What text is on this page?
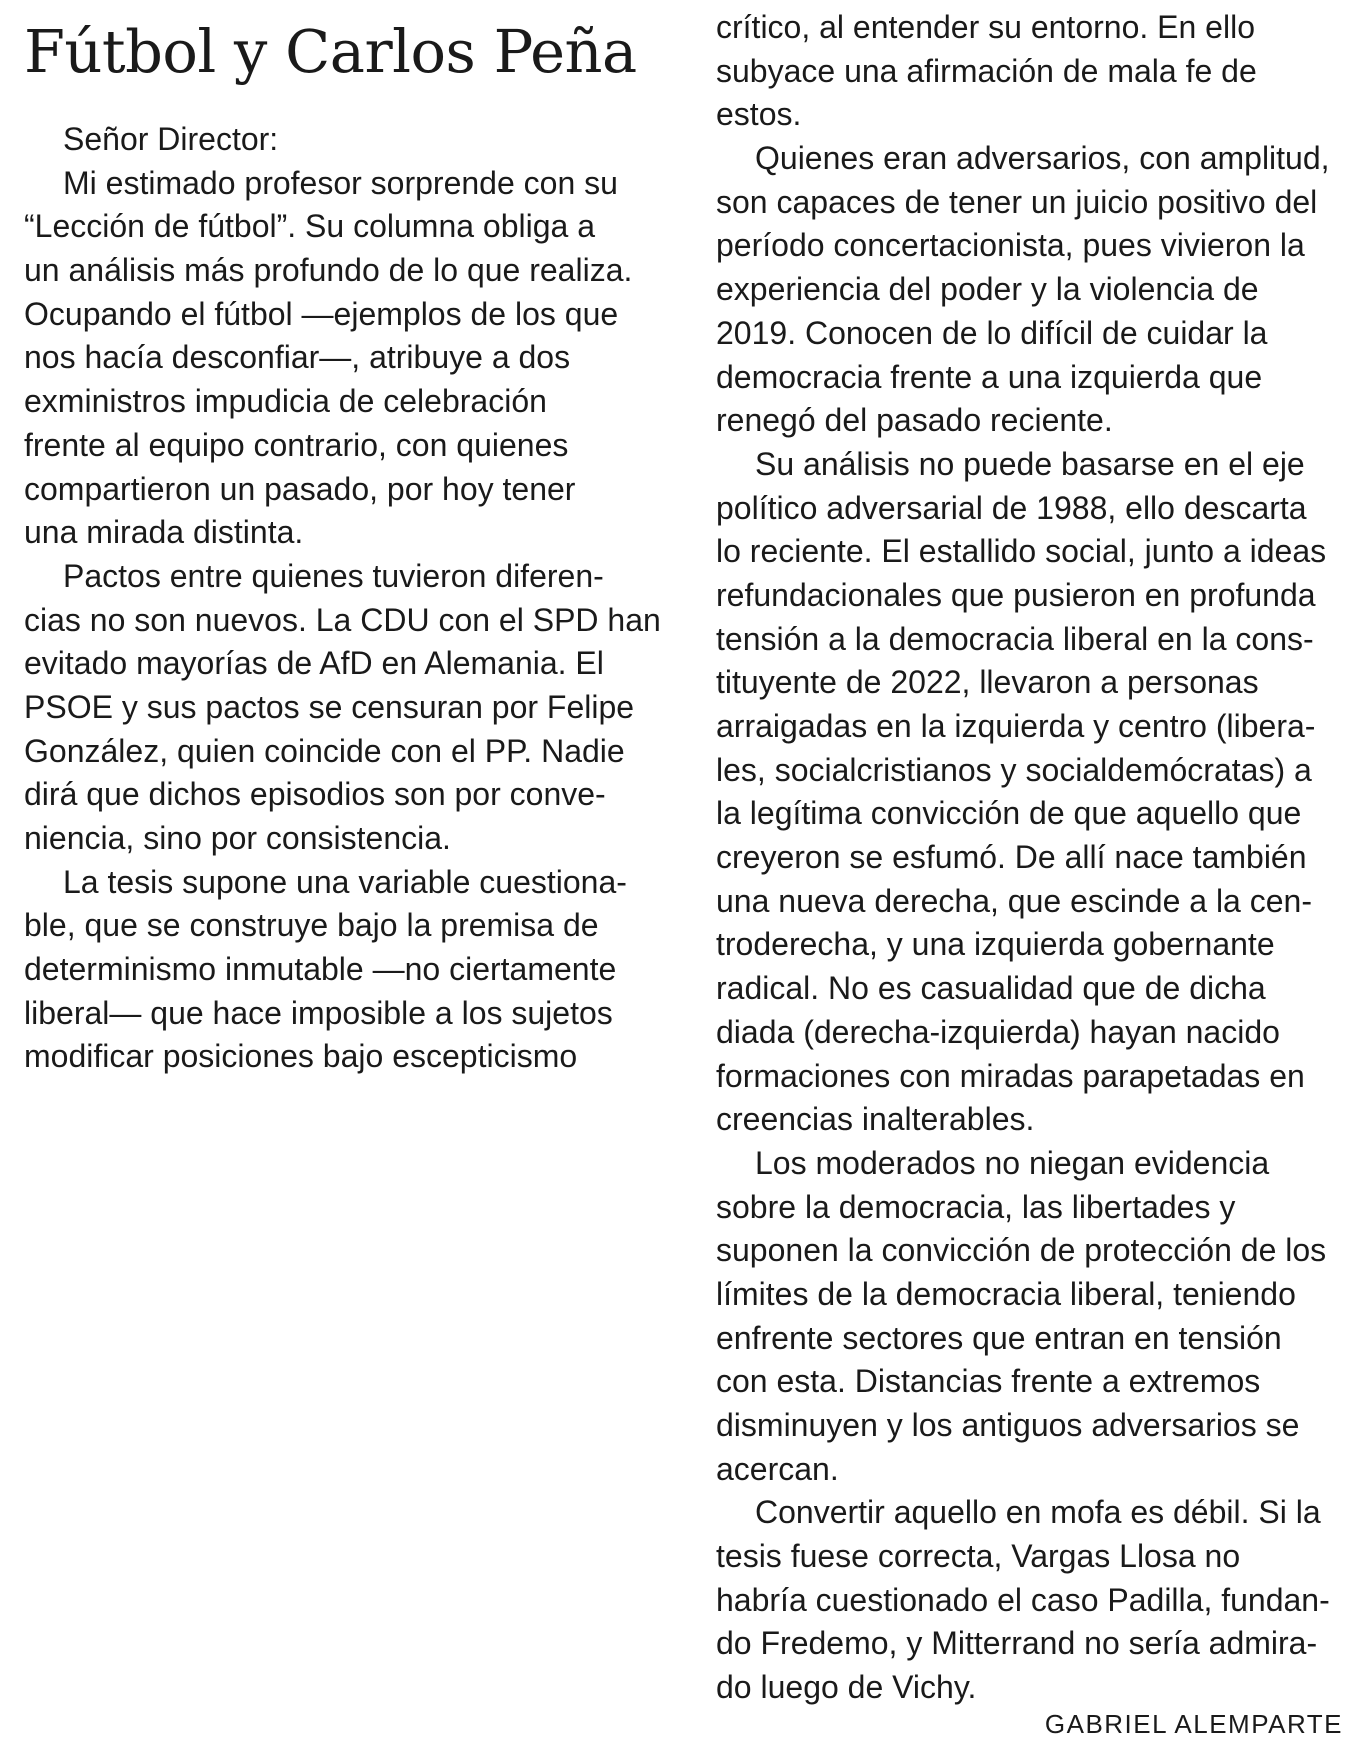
Fútbol y Carlos Peña
Señor Director:
Mi estimado profesor sorprende con su
“Lección de fútbol”. Su columna obliga a
un análisis más profundo de lo que realiza.
Ocupando el fútbol —ejemplos de los que
nos hacía desconfiar—, atribuye a dos
exministros impudicia de celebración
frente al equipo contrario, con quienes
compartieron un pasado, por hoy tener
una mirada distinta.
Pactos entre quienes tuvieron diferen-
cias no son nuevos. La CDU con el SPD han
evitado mayorías de AfD en Alemania. El
PSOE y sus pactos se censuran por Felipe
González, quien coincide con el PP. Nadie
dirá que dichos episodios son por conve-
niencia, sino por consistencia.
La tesis supone una variable cuestiona-
ble, que se construye bajo la premisa de
determinismo inmutable —no ciertamente
liberal— que hace imposible a los sujetos
modificar posiciones bajo escepticismo
crítico, al entender su entorno. En ello
subyace una afirmación de mala fe de
estos.
Quienes eran adversarios, con amplitud,
son capaces de tener un juicio positivo del
período concertacionista, pues vivieron la
experiencia del poder y la violencia de
2019. Conocen de lo difícil de cuidar la
democracia frente a una izquierda que
renegó del pasado reciente.
Su análisis no puede basarse en el eje
político adversarial de 1988, ello descarta
lo reciente. El estallido social, junto a ideas
refundacionales que pusieron en profunda
tensión a la democracia liberal en la cons-
tituyente de 2022, llevaron a personas
arraigadas en la izquierda y centro (libera-
les, socialcristianos y socialdemócratas) a
la legítima convicción de que aquello que
creyeron se esfumó. De allí nace también
una nueva derecha, que escinde a la cen-
troderecha, y una izquierda gobernante
radical. No es casualidad que de dicha
diada (derecha-izquierda) hayan nacido
formaciones con miradas parapetadas en
creencias inalterables.
Los moderados no niegan evidencia
sobre la democracia, las libertades y
suponen la convicción de protección de los
límites de la democracia liberal, teniendo
enfrente sectores que entran en tensión
con esta. Distancias frente a extremos
disminuyen y los antiguos adversarios se
acercan.
Convertir aquello en mofa es débil. Si la
tesis fuese correcta, Vargas Llosa no
habría cuestionado el caso Padilla, fundan-
do Fredemo, y Mitterrand no sería admira-
do luego de Vichy.
GABRIEL ALEMPARTE
